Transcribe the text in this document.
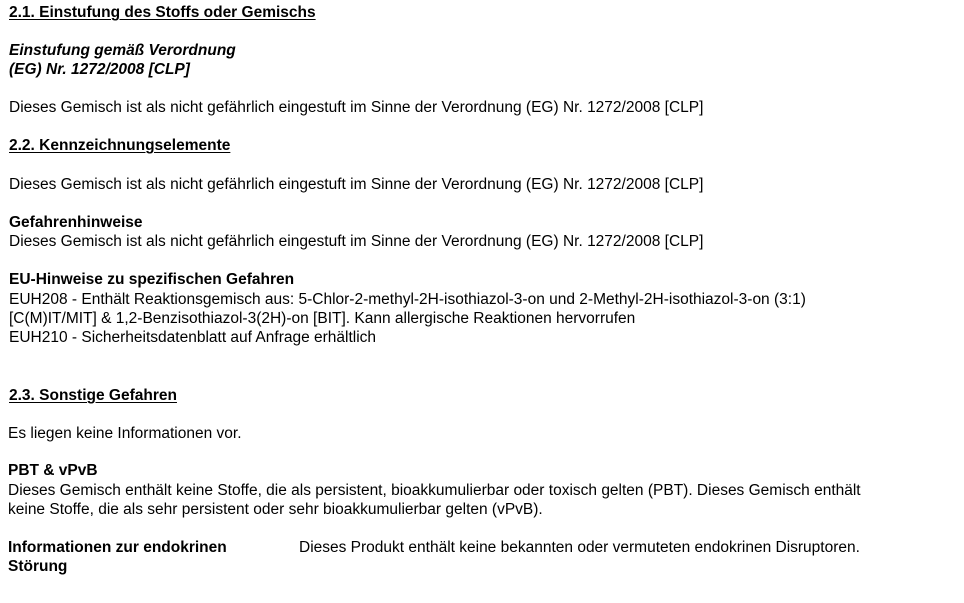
2.1. Einstufung des Stoffs oder Gemischs
Einstufung gemäß Verordnung
(EG) Nr. 1272/2008 [CLP]
Dieses Gemisch ist als nicht gefährlich eingestuft im Sinne der Verordnung (EG) Nr. 1272/2008 [CLP]
2.2. Kennzeichnungselemente
Dieses Gemisch ist als nicht gefährlich eingestuft im Sinne der Verordnung (EG) Nr. 1272/2008 [CLP]
Gefahrenhinweise
Dieses Gemisch ist als nicht gefährlich eingestuft im Sinne der Verordnung (EG) Nr. 1272/2008 [CLP]
EU-Hinweise zu spezifischen Gefahren
EUH208 - Enthält Reaktionsgemisch aus: 5-Chlor-2-methyl-2H-isothiazol-3-on und 2-Methyl-2H-isothiazol-3-on (3:1)
[C(M)IT/MIT] & 1,2-Benzisothiazol-3(2H)-on [BIT]. Kann allergische Reaktionen hervorrufen
EUH210 - Sicherheitsdatenblatt auf Anfrage erhältlich
2.3. Sonstige Gefahren
Es liegen keine Informationen vor.
PBT & vPvB
Dieses Gemisch enthält keine Stoffe, die als persistent, bioakkumulierbar oder toxisch gelten (PBT). Dieses Gemisch enthält
keine Stoffe, die als sehr persistent oder sehr bioakkumulierbar gelten (vPvB).
Informationen zur endokrinen
Störung
Dieses Produkt enthält keine bekannten oder vermuteten endokrinen Disruptoren.
